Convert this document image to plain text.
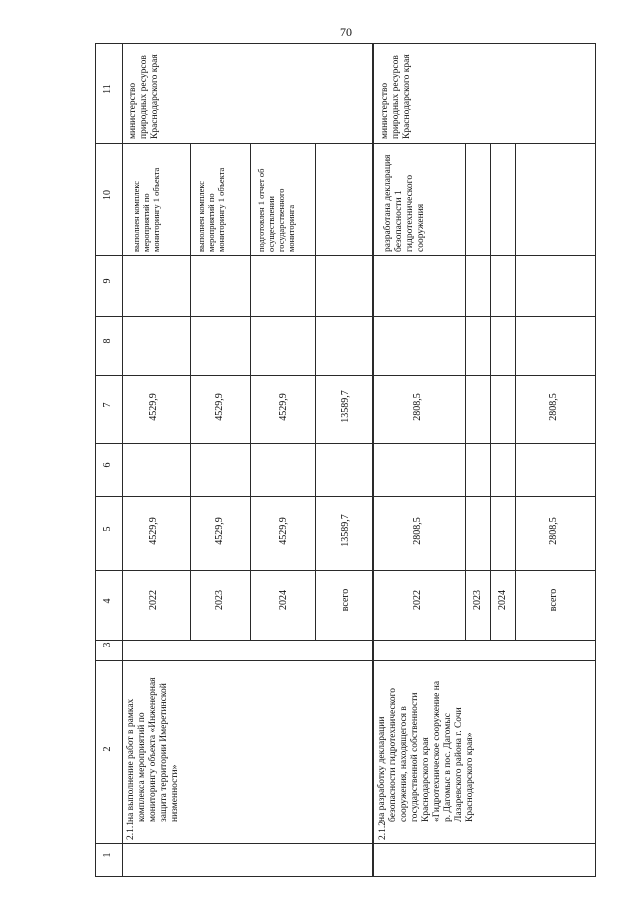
70
1
2
3
4
5
6
7
8
9
10
11
2.1.1
на выполнение работ в рамках комплекса мероприятий по мониторингу объекта «Инженерная защита территории Имеретинской низменности»
министерство природных ресурсов Краснодарского края
2022
4529,9
4529,9
выполнен комплекс мероприятий по мониторингу 1 объекта
2023
4529,9
4529,9
выполнен комплекс мероприятий по мониторингу 1 объекта
2024
4529,9
4529,9
подготовлен 1 отчет об осуществлении государственного мониторинга
всего
13589,7
13589,7
2.1.2
на разработку декларации безопасности гидротехнического сооружения, находящегося в государственной собственности Краснодарского края «Гидротехническое сооружение на р. Дагомыс в пос. Дагомыс Лазаревского района г. Сочи Краснодарского края»
министерство природных ресурсов Краснодарского края
2022
2808,5
2808,5
разработана декларация безопасности 1 гидротехнического сооружения
2023 2024	всего
2808,5
2808,5
